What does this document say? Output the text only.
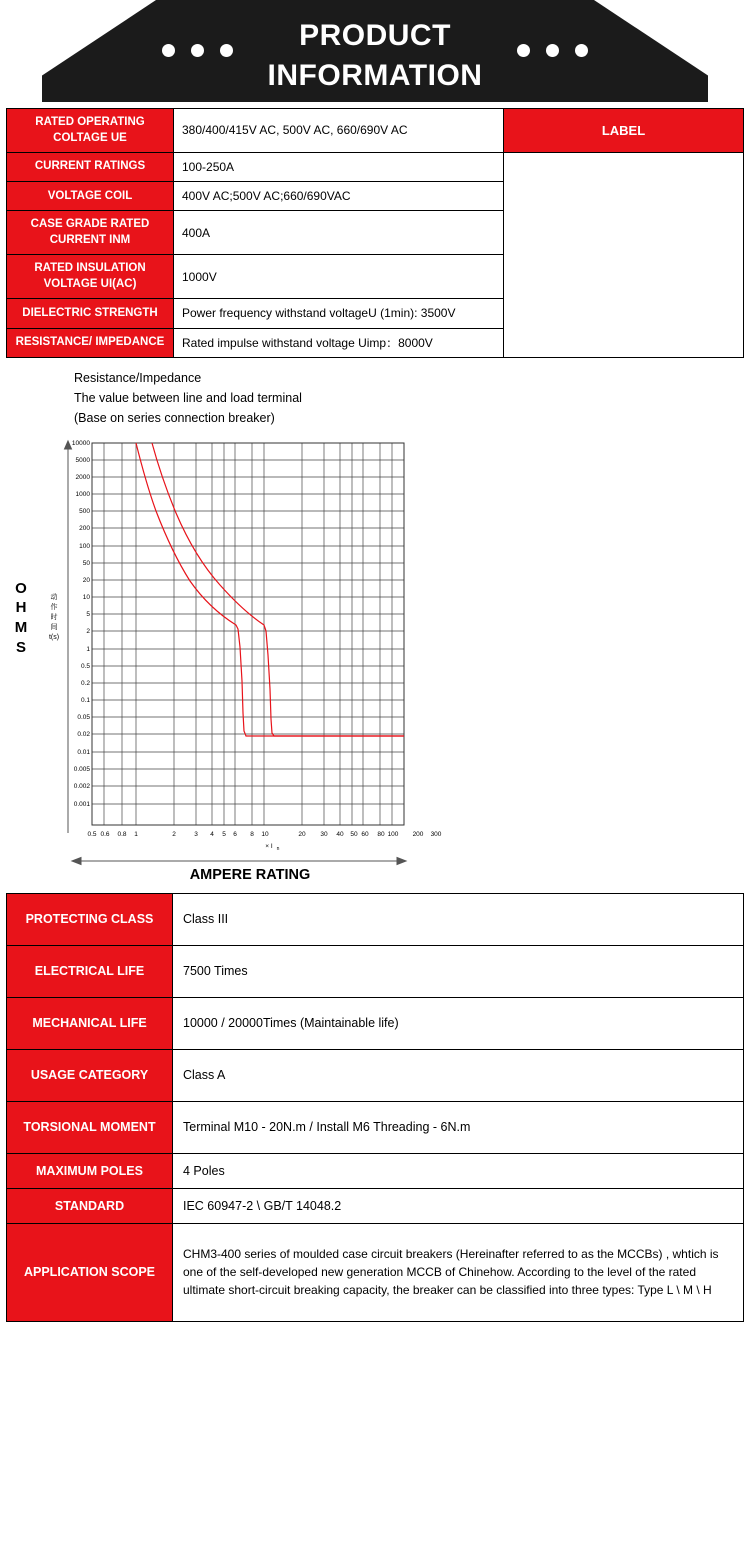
PRODUCT
INFORMATION
RATED OPERATING COLTAGE UE	380/400/415V AC, 500V AC, 660/690V AC	LABEL
CURRENT RATINGS	100-250A	
VOLTAGE COIL	400V AC;500V AC;660/690VAC	
CASE GRADE RATED CURRENT INM	400A	
RATED INSULATION VOLTAGE UI(AC)	1000V	
DIELECTRIC STRENGTH	Power frequency withstand voltageU (1min): 3500V	
RESISTANCE/ IMPEDANCE	Rated impulse withstand voltage Uimp：8000V	
Resistance/Impedance
The value between line and load terminal
(Base on series connection breaker)
O
H
M
S
10000
5000
2000
1000
500
200
100
50
20
10
5
2
1
0.5
0.2
0.1
0.05
0.02
0.01
0.005
0.002
0.001
动
作
时
间
t(s)
0.5 0.6 0.8 1	2	3 4 5 6 8 10	20 30 40 50 60 80 100 200 300
× I n
AMPERE RATING
PROTECTING CLASS	Class III
ELECTRICAL LIFE	7500 Times
MECHANICAL LIFE	10000 / 20000Times (Maintainable life)
USAGE CATEGORY	Class A
TORSIONAL MOMENT	Terminal M10 - 20N.m / Install M6 Threading - 6N.m
MAXIMUM POLES	4 Poles
STANDARD	IEC 60947-2 \ GB/T 14048.2
APPLICATION SCOPE	CHM3-400 series of moulded case circuit breakers (Hereinafter referred to as the MCCBs) , whtich is one of the self-developed new generation MCCB of Chinehow. According to the level of the rated ultimate short-circuit breaking capacity, the breaker can be classified into three types: Type L \ M \ H
